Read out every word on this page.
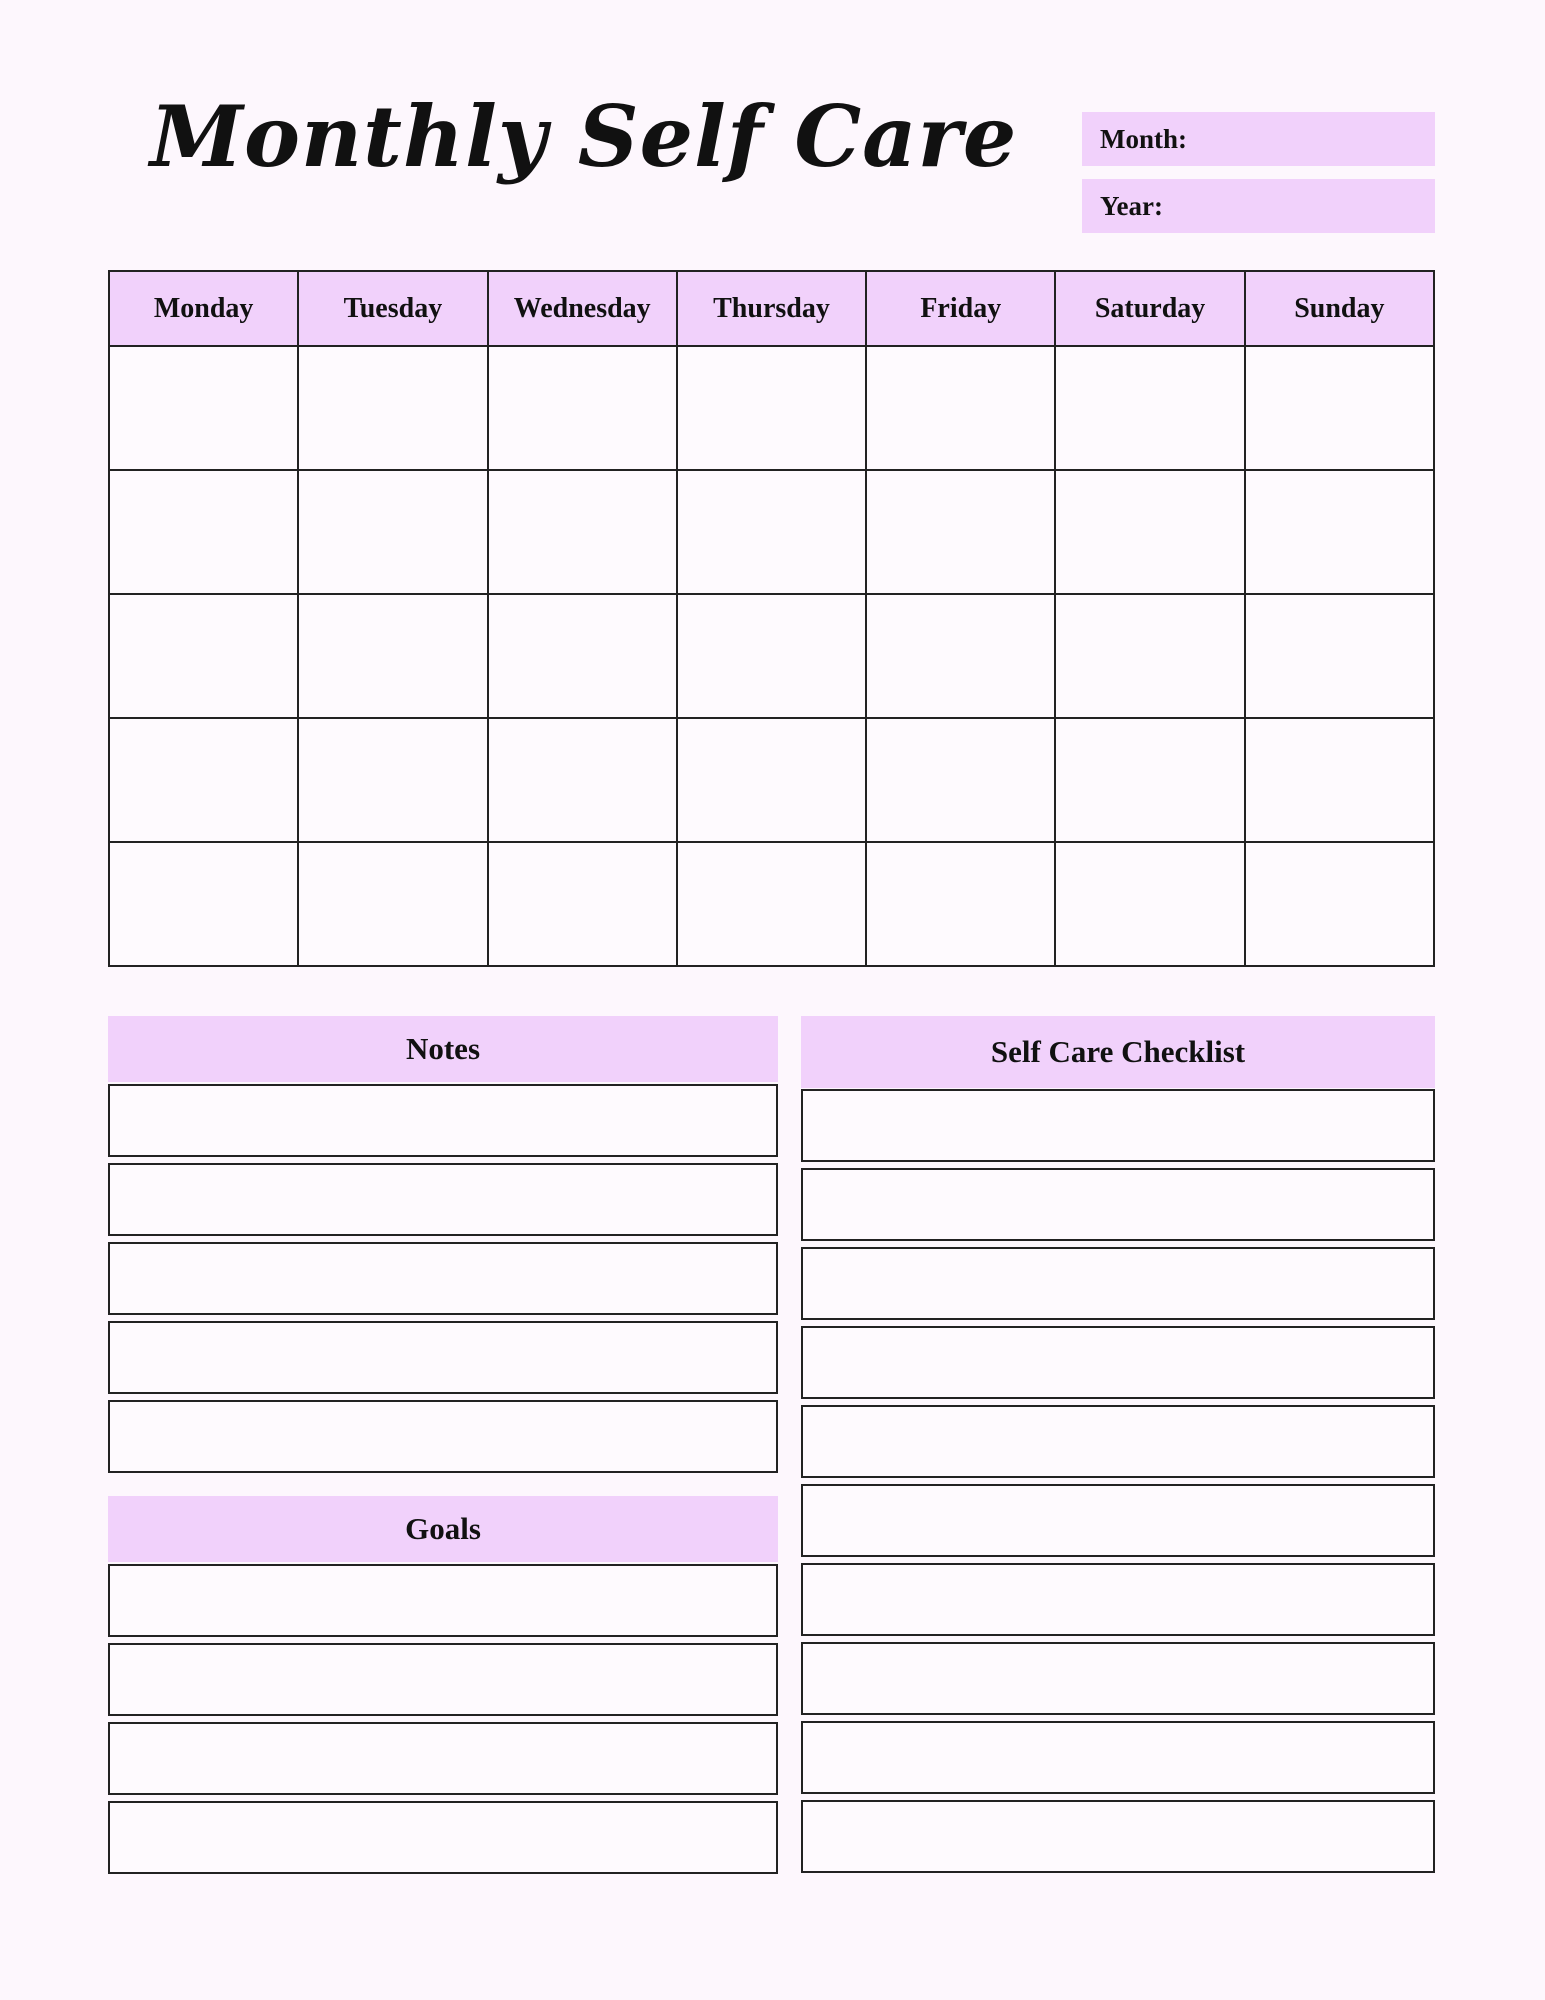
Monthly Self Care	Month:
Year:
Monday	Tuesday	Wednesday	Thursday	Friday	Saturday	Sunday

Notes
Goals
Self Care Checklist
